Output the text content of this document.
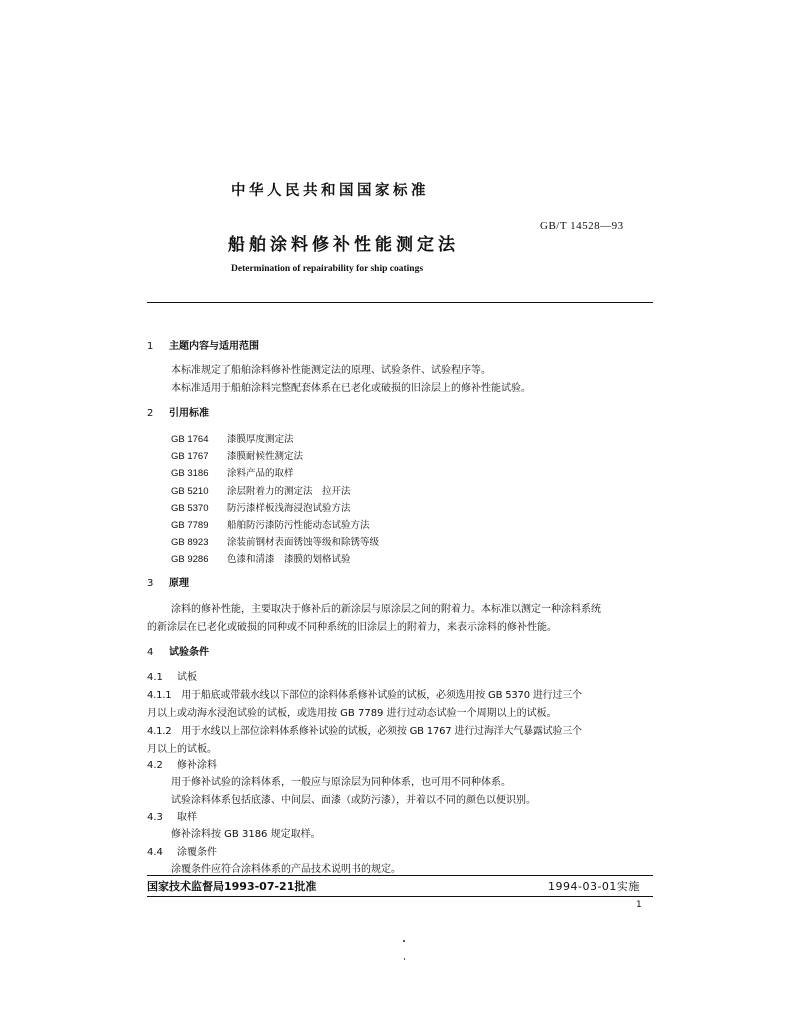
中华人民共和国国家标准
GB/T 14528—93
船舶涂料修补性能测定法
Determination of repairability for ship coatings
1 主题内容与适用范围
本标准规定了船舶涂料修补性能测定法的原理、试验条件、试验程序等。
本标准适用于船舶涂料完整配套体系在已老化或破损的旧涂层上的修补性能试验。
2 引用标准
GB 1764 漆膜厚度测定法
GB 1767 漆膜耐候性测定法
GB 3186 涂料产品的取样
GB 5210 涂层附着力的测定法　拉开法
GB 5370 防污漆样板浅海浸泡试验方法
GB 7789 船舶防污漆防污性能动态试验方法
GB 8923 涂装前钢材表面锈蚀等级和除锈等级
GB 9286 色漆和清漆　漆膜的划格试验
3 原理
涂料的修补性能，主要取决于修补后的新涂层与原涂层之间的附着力。本标准以测定一种涂料系统
的新涂层在已老化或破损的同种或不同种系统的旧涂层上的附着力，来表示涂料的修补性能。
4 试验条件
4.1 试板
4.1.1　用于船底或带载水线以下部位的涂料体系修补试验的试板，必须选用按 GB 5370 进行过三个
月以上或动海水浸泡试验的试板，或选用按 GB 7789 进行过动态试验一个周期以上的试板。
4.1.2　用于水线以上部位涂料体系修补试验的试板，必须按 GB 1767 进行过海洋大气暴露试验三个
月以上的试板。
4.2 修补涂料
用于修补试验的涂料体系，一般应与原涂层为同种体系，也可用不同种体系。
试验涂料体系包括底漆、中间层、面漆（或防污漆），并着以不同的颜色以便识别。
4.3 取样
修补涂料按 GB 3186 规定取样。
4.4 涂覆条件
涂覆条件应符合涂料体系的产品技术说明书的规定。
国家技术监督局1993-07-21批准	1994-03-01实施
1
